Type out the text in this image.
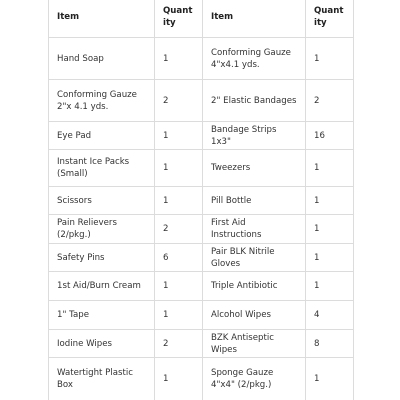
Item	Quantity	Item	Quantity
Hand Soap	1	Conforming Gauze 4"x4.1 yds.	1
Conforming Gauze 2"x 4.1 yds.	2	2" Elastic Bandages	2
Eye Pad	1	Bandage Strips 1x3"	16
Instant Ice Packs (Small)	1	Tweezers	1
Scissors	1	Pill Bottle	1
Pain Relievers (2/pkg.)	2	First Aid Instructions	1
Safety Pins	6	Pair BLK Nitrile Gloves	1
1st Aid/Burn Cream	1	Triple Antibiotic	1
1" Tape	1	Alcohol Wipes	4
Iodine Wipes	2	BZK Antiseptic Wipes	8
Watertight Plastic Box	1	Sponge Gauze 4"x4" (2/pkg.)	1
